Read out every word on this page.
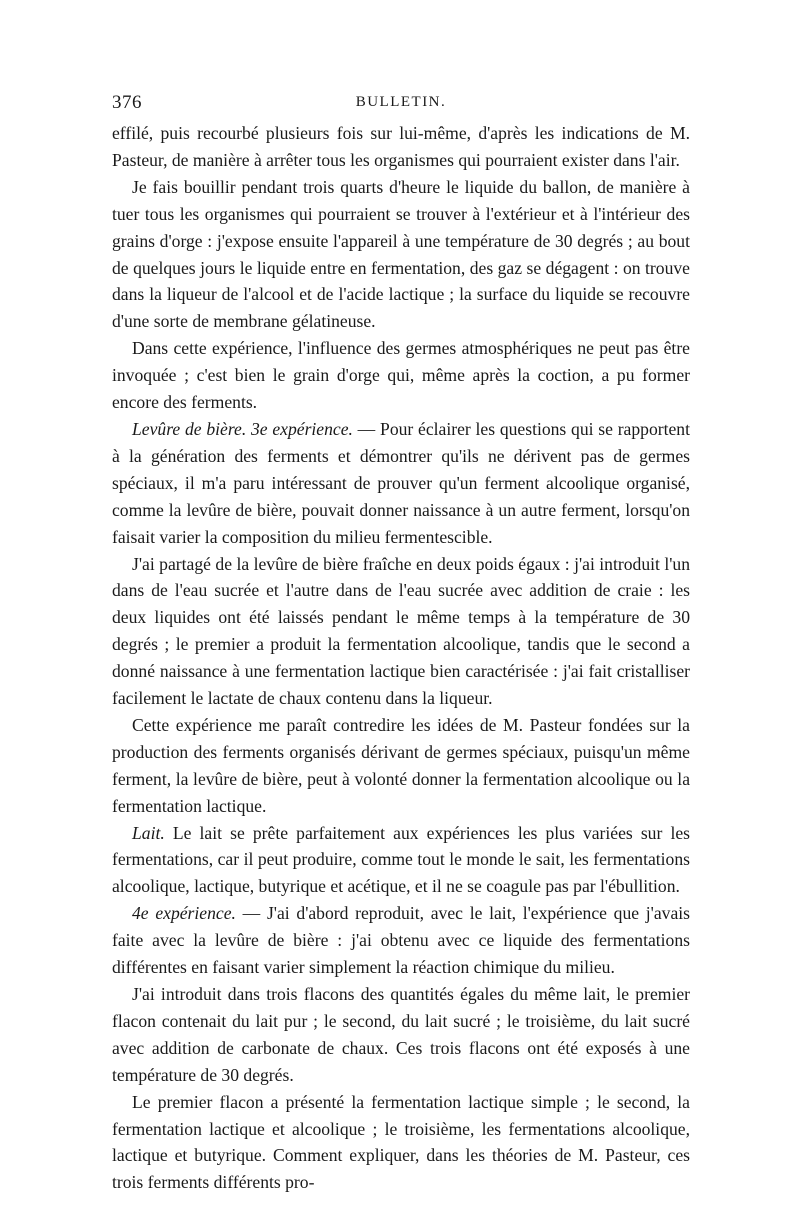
376	BULLETIN.

effilé, puis recourbé plusieurs fois sur lui-même, d'après les indications de M. Pasteur, de manière à arrêter tous les organismes qui pourraient exister dans l'air.

Je fais bouillir pendant trois quarts d'heure le liquide du ballon, de manière à tuer tous les organismes qui pourraient se trouver à l'extérieur et à l'intérieur des grains d'orge : j'expose ensuite l'appareil à une température de 30 degrés ; au bout de quelques jours le liquide entre en fermentation, des gaz se dégagent : on trouve dans la liqueur de l'alcool et de l'acide lactique ; la surface du liquide se recouvre d'une sorte de membrane gélatineuse.

Dans cette expérience, l'influence des germes atmosphériques ne peut pas être invoquée ; c'est bien le grain d'orge qui, même après la coction, a pu former encore des ferments.

Levûre de bière. 3e expérience. — Pour éclairer les questions qui se rapportent à la génération des ferments et démontrer qu'ils ne dérivent pas de germes spéciaux, il m'a paru intéressant de prouver qu'un ferment alcoolique organisé, comme la levûre de bière, pouvait donner naissance à un autre ferment, lorsqu'on faisait varier la composition du milieu fermentescible.

J'ai partagé de la levûre de bière fraîche en deux poids égaux : j'ai introduit l'un dans de l'eau sucrée et l'autre dans de l'eau sucrée avec addition de craie : les deux liquides ont été laissés pendant le même temps à la température de 30 degrés ; le premier a produit la fermentation alcoolique, tandis que le second a donné naissance à une fermentation lactique bien caractérisée : j'ai fait cristalliser facilement le lactate de chaux contenu dans la liqueur.

Cette expérience me paraît contredire les idées de M. Pasteur fondées sur la production des ferments organisés dérivant de germes spéciaux, puisqu'un même ferment, la levûre de bière, peut à volonté donner la fermentation alcoolique ou la fermentation lactique.

Lait. Le lait se prête parfaitement aux expériences les plus variées sur les fermentations, car il peut produire, comme tout le monde le sait, les fermentations alcoolique, lactique, butyrique et acétique, et il ne se coagule pas par l'ébullition.

4e expérience. — J'ai d'abord reproduit, avec le lait, l'expérience que j'avais faite avec la levûre de bière : j'ai obtenu avec ce liquide des fermentations différentes en faisant varier simplement la réaction chimique du milieu.

J'ai introduit dans trois flacons des quantités égales du même lait, le premier flacon contenait du lait pur ; le second, du lait sucré ; le troisième, du lait sucré avec addition de carbonate de chaux. Ces trois flacons ont été exposés à une température de 30 degrés.

Le premier flacon a présenté la fermentation lactique simple ; le second, la fermentation lactique et alcoolique ; le troisième, les fermentations alcoolique, lactique et butyrique. Comment expliquer, dans les théories de M. Pasteur, ces trois ferments différents pro-
